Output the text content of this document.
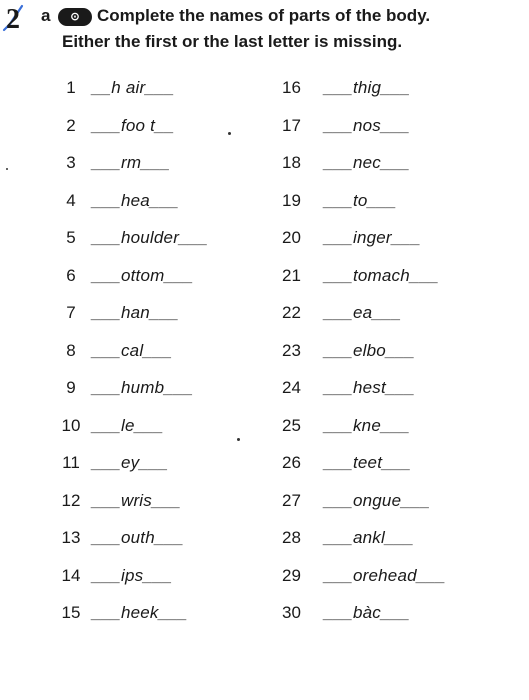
2 a	⊙	Complete the names of parts of the body.
Either the first or the last letter is missing.
1 __h air___
2 ___foo t__
3 ___rm___
4 ___hea___
5 ___houlder___
6 ___ottom___
7 ___han___
8 ___cal___
9 ___humb___
10 ___le___
11 ___ey___
12 ___wris___
13 ___outh___
14 ___ips___
15 ___heek___
16	___thig___
17	___nos___
18	___nec___
19	___to___
20	___inger___
21	___tomach___
22	___ea___
23	___elbo___
24	___hest___
25	___kne___
26	___teet___
27	___ongue___
28	___ankl___
29	___orehead___
30	___bàc___
